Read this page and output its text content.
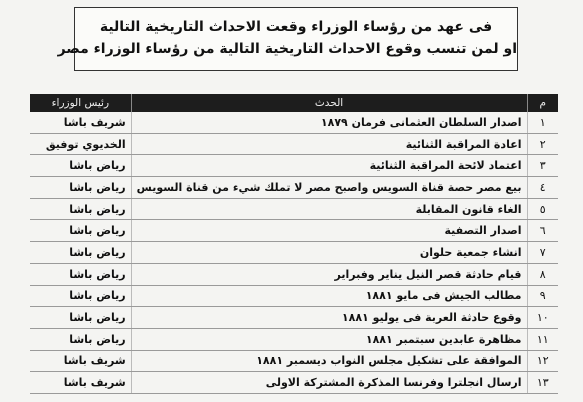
فى عهد من رؤساء الوزراء وقعت الاحداث التاريخية التالية
او لمن تنسب وقوع الاحداث التاريخية التالية من رؤساء الوزراء مصر
م	الحدث	رئيس الوزراء
١	اصدار السلطان العثمانى فرمان ١٨٧٩	شريف باشا
٢	اعادة المراقبة الثنائية	الخديوي توفيق
٣	اعتماد لائحة المراقبة الثنائية	رياض باشا
٤	بيع مصر حصة قناة السويس واصبح مصر لا تملك شيء من قناة السويس	رياض باشا
٥	الغاء قانون المقابلة	رياض باشا
٦	اصدار التصفية	رياض باشا
٧	انشاء جمعية حلوان	رياض باشا
٨	قيام حادثة قصر النيل يناير وفبراير	رياض باشا
٩	مطالب الجيش فى مايو ١٨٨١	رياض باشا
١٠	وقوع حادثة العربة فى يوليو ١٨٨١	رياض باشا
١١	مظاهرة عابدين سبتمبر ١٨٨١	رياض باشا
١٢	الموافقة على تشكيل مجلس النواب ديسمبر ١٨٨١	شريف باشا
١٣	ارسال انجلترا وفرنسا المذكرة المشتركة الاولى	شريف باشا
